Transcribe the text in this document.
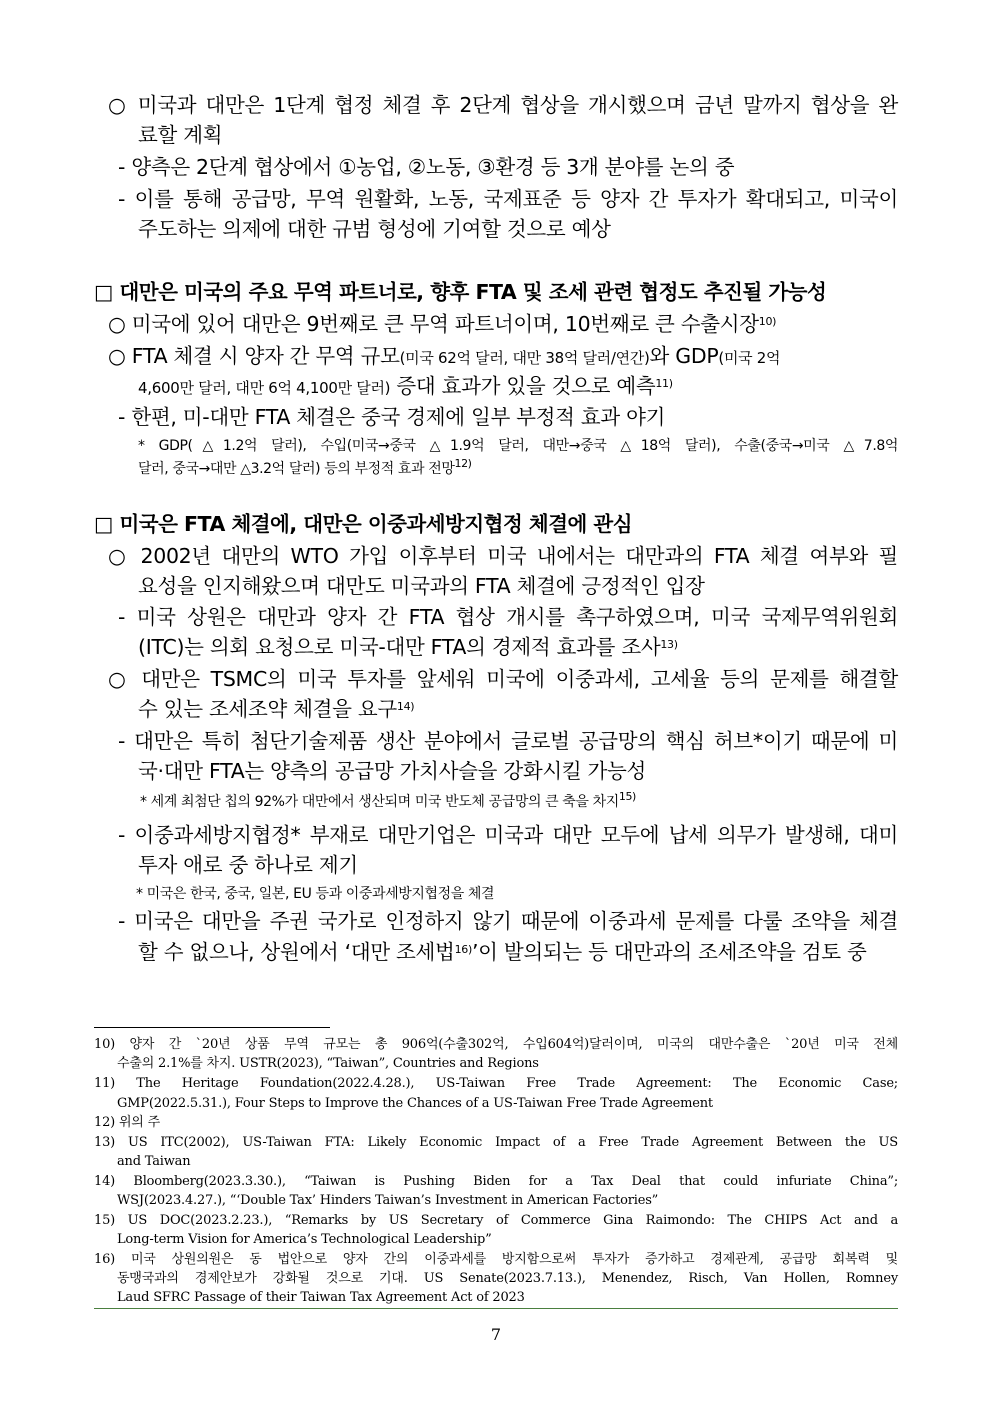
○ 미국과 대만은 1단계 협정 체결 후 2단계 협상을 개시했으며 금년 말까지 협상을 완
료할 계획
- 양측은 2단계 협상에서 ①농업, ②노동, ③환경 등 3개 분야를 논의 중
- 이를 통해 공급망, 무역 원활화, 노동, 국제표준 등 양자 간 투자가 확대되고, 미국이
주도하는 의제에 대한 규범 형성에 기여할 것으로 예상
□ 대만은 미국의 주요 무역 파트너로, 향후 FTA 및 조세 관련 협정도 추진될 가능성
○ 미국에 있어 대만은 9번째로 큰 무역 파트너이며, 10번째로 큰 수출시장$^{10)}$
○ FTA 체결 시 양자 간 무역 규모(미국 62억 달러, 대만 38억 달러/연간)와 GDP(미국 2억
4,600만 달러, 대만 6억 4,100만 달러) 증대 효과가 있을 것으로 예측$^{11)}$
- 한편, 미-대만 FTA 체결은 중국 경제에 일부 부정적 효과 야기
* GDP(△1.2억 달러), 수입(미국→중국 △1.9억 달러, 대만→중국 △18억 달러), 수출(중국→미국 △7.8억
달러, 중국→대만 △3.2억 달러) 등의 부정적 효과 전망$^{12)}$
□ 미국은 FTA 체결에, 대만은 이중과세방지협정 체결에 관심
○ 2002년 대만의 WTO 가입 이후부터 미국 내에서는 대만과의 FTA 체결 여부와 필
요성을 인지해왔으며 대만도 미국과의 FTA 체결에 긍정적인 입장
- 미국 상원은 대만과 양자 간 FTA 협상 개시를 촉구하였으며, 미국 국제무역위원회
(ITC)는 의회 요청으로 미국-대만 FTA의 경제적 효과를 조사$^{13)}$
○ 대만은 TSMC의 미국 투자를 앞세워 미국에 이중과세, 고세율 등의 문제를 해결할
수 있는 조세조약 체결을 요구$^{14)}$
- 대만은 특히 첨단기술제품 생산 분야에서 글로벌 공급망의 핵심 허브*이기 때문에 미
국·대만 FTA는 양측의 공급망 가치사슬을 강화시킬 가능성
* 세계 최첨단 칩의 92%가 대만에서 생산되며 미국 반도체 공급망의 큰 축을 차지$^{15)}$
- 이중과세방지협정* 부재로 대만기업은 미국과 대만 모두에 납세 의무가 발생해, 대미
투자 애로 중 하나로 제기
* 미국은 한국, 중국, 일본, EU 등과 이중과세방지협정을 체결
- 미국은 대만을 주권 국가로 인정하지 않기 때문에 이중과세 문제를 다룰 조약을 체결
할 수 없으나, 상원에서 ‘대만 조세법$^{16)}$’이 발의되는 등 대만과의 조세조약을 검토 중
10) 양자 간 `20년 상품 무역 규모는 총 906억(수출302억, 수입604억)달러이며, 미국의 대만수출은 `20년 미국 전체
수출의 2.1%를 차지. USTR(2023), “Taiwan”, Countries and Regions
11) The Heritage Foundation(2022.4.28.), US-Taiwan Free Trade Agreement: The Economic Case;
GMP(2022.5.31.), Four Steps to Improve the Chances of a US-Taiwan Free Trade Agreement
12) 위의 주
13) US ITC(2002), US-Taiwan FTA: Likely Economic Impact of a Free Trade Agreement Between the US
and Taiwan
14) Bloomberg(2023.3.30.), “Taiwan is Pushing Biden for a Tax Deal that could infuriate China”;
WSJ(2023.4.27.), “‘Double Tax’ Hinders Taiwan’s Investment in American Factories”
15) US DOC(2023.2.23.), “Remarks by US Secretary of Commerce Gina Raimondo: The CHIPS Act and a
Long-term Vision for America’s Technological Leadership”
16) 미국 상원의원은 동 법안으로 양자 간의 이중과세를 방지함으로써 투자가 증가하고 경제관계, 공급망 회복력 및
동맹국과의 경제안보가 강화될 것으로 기대. US Senate(2023.7.13.), Menendez, Risch, Van Hollen, Romney
Laud SFRC Passage of their Taiwan Tax Agreement Act of 2023
7
